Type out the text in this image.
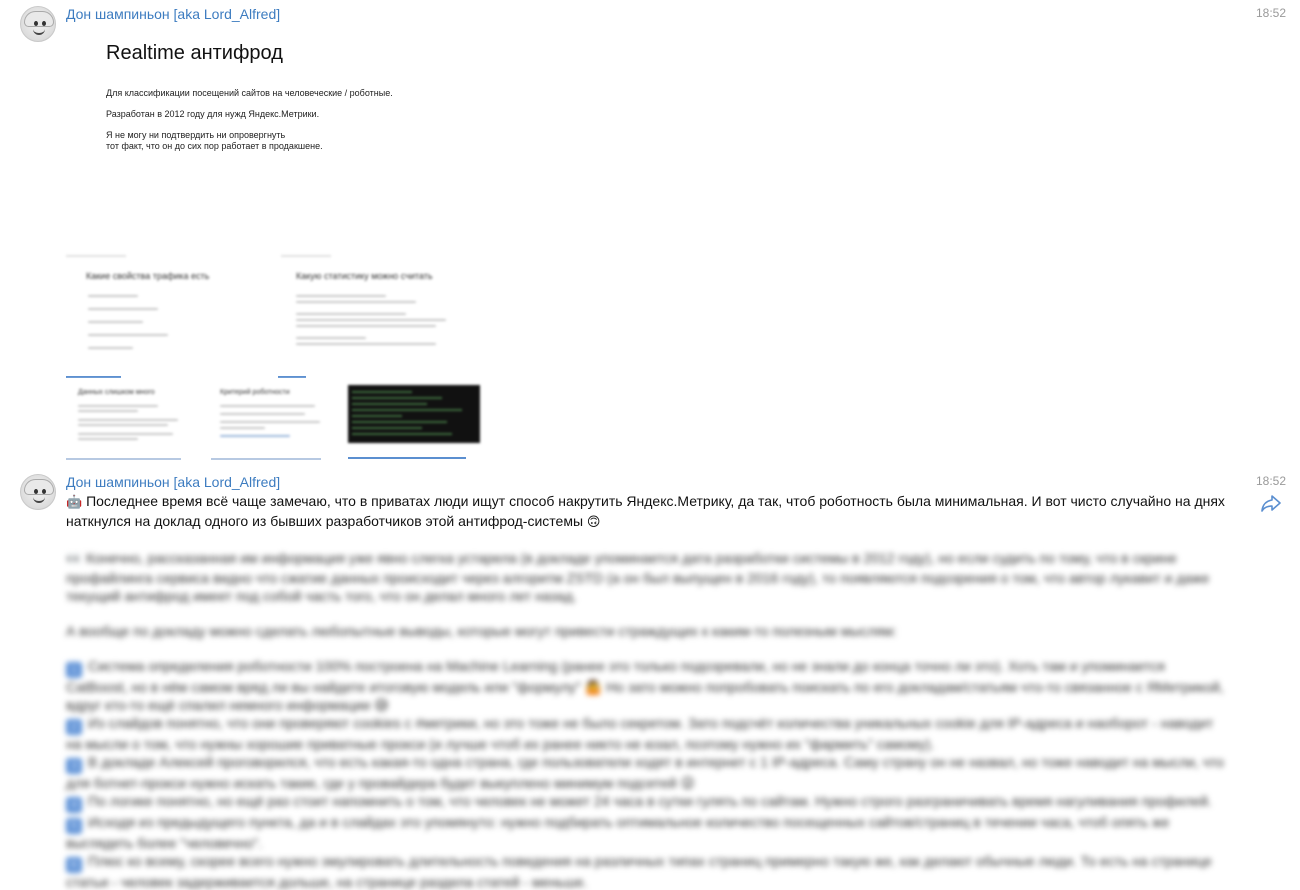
Дон шампиньон [aka Lord_Alfred]	18:52
Realtime антифрод

Для классификации посещений сайтов на человеческие / роботные.

Разработан в 2012 году для нужд Яндекс.Метрики.

Я не могу ни подтвердить ни опровергнуть

тот факт, что он до сих пор работает в продакшене.

Какие свойства трафика есть	Какую статистику можно считать
Данных слишком много	Критерий роботности
Дон шампиньон [aka Lord_Alfred]	18:52
🤖 Последнее время всё чаще замечаю, что в приватах люди ищут способ накрутить Яндекс.Метрику, да так, чтоб роботность была минимальная. И вот чисто случайно на днях наткнулся на доклад одного из бывших разработчиков этой антифрод-системы 🙃
👀 Конечно, рассказанная им информация уже явно слегка устарела (в докладе упоминается дата разработки системы в 2012 году), но если судить по тому, что в скрине профайлинга сервиса видно что сжатие данных происходит через алгоритм ZSTD (а он был выпущен в 2016 году), то появляются подозрения о том, что автор лукавит и даже текущий антифрод имеет под собой часть того, что он делал много лет назад.
А вообще по докладу можно сделать любопытные выводы, которые могут привести страждущих к каким-то полезным мыслям:
1 Система определения роботности 100% построена на Machine Learning (ранее это только подозревали, но не знали до конца точно ли это). Хоть там и упоминается CatBoost, но в нём самом вряд ли вы найдете итоговую модель или "формулу" 🤷 Но зато можно попробовать поискать по его докладам/статьям что-то связанное с ЯМетрикой, вдруг кто-то ещё спалил немного информации 😅
2 Из слайдов понятно, что они проверяют cookies с #метрики, но это тоже не было секретом. Зато подсчёт количества уникальных cookie для IP-адреса и наоборот - наводит на мысли о том, что нужны хорошие приватные прокси (и лучше чтоб их ранее никто не юзал, поэтому нужно их "фармить" самому).
3 В докладе Алексей проговорился, что есть какая-то одна страна, где пользователи ходят в интернет с 1 IP-адреса. Саму страну он не назвал, но тоже наводит на мысли, что для ботнет-прокси нужно искать такие, где у провайдера будет выкуплено минимум подсетей 😜
4 По логике понятно, но ещё раз стоит напомнить о том, что человек не может 24 часа в сутки гулять по сайтам. Нужно строго разграничивать время нагуливания профилей.
5 Исходя из предыдущего пункта, да и в слайдах это упомянуто: нужно подбирать оптимальное количество посещенных сайтов/страниц в течении часа, чтоб опять же выглядеть более "человечно".
6 Плюс ко всему, скорее всего нужно эмулировать длительность поведения на различных типах страниц примерно такую же, как делают обычные люди. То есть на странице статьи - человек задерживается дольше, на странице раздела статей - меньше.
